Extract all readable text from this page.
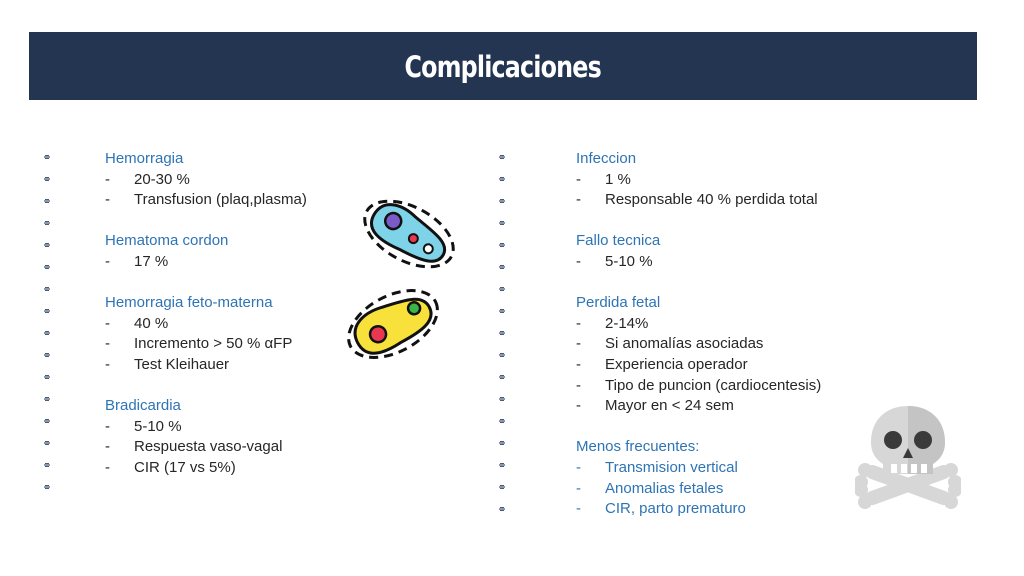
Complicaciones
Hemorragia
-	20-30 %
-	Transfusion (plaq,plasma)
Hematoma cordon
-	17 %
Hemorragia feto-materna
-	40 %
-	Incremento > 50 % αFP
-	Test Kleihauer
Bradicardia
-	5-10 %
-	Respuesta vaso-vagal
-	CIR (17 vs 5%)
Infeccion
-	1 %
-	Responsable 40 % perdida total
Fallo tecnica
-	5-10 %
Perdida fetal
-	2-14%
-	Si anomalías asociadas
-	Experiencia operador
-	Tipo de puncion (cardiocentesis)
-	Mayor en < 24 sem
Menos frecuentes:
-	Transmision vertical
-	Anomalias fetales
-	CIR, parto prematuro
